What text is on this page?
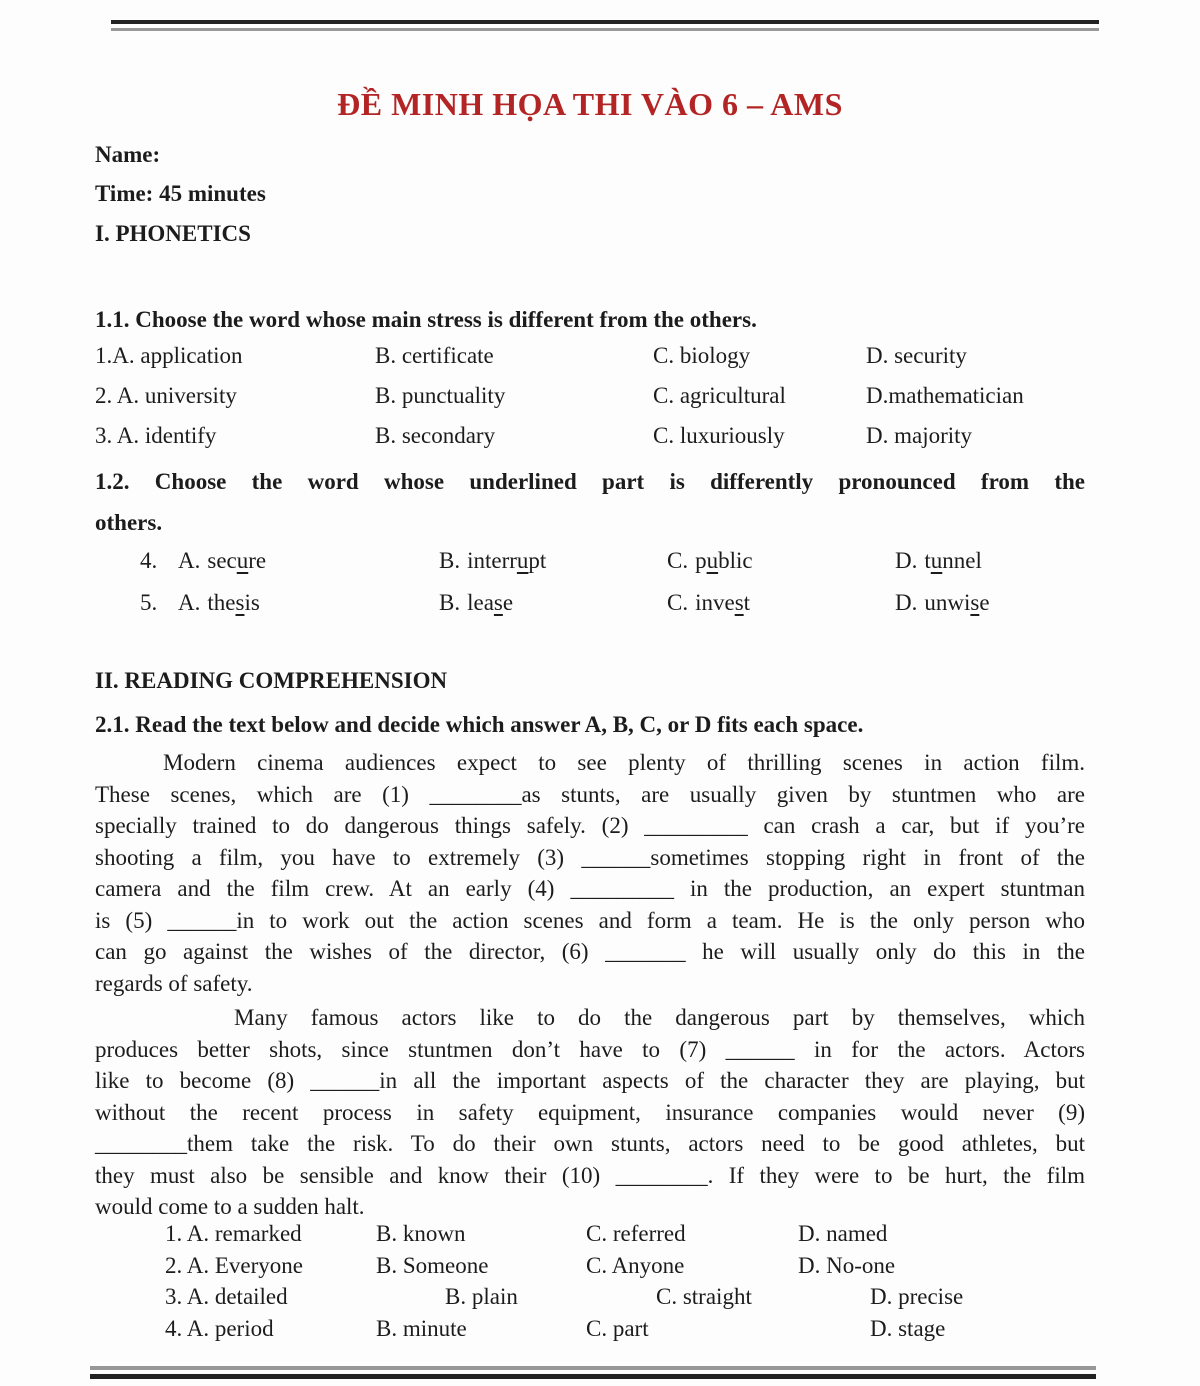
ĐỀ MINH HỌA THI VÀO 6 – AMS
Name:
Time: 45 minutes
I. PHONETICS
1.1. Choose the word whose main stress is different from the others.
1.A. application	B. certificate	C. biology	D. security
2. A. university	B. punctuality	C. agricultural	D.mathematician
3. A. identify	B. secondary	C. luxuriously	D. majority
1.2. Choose the word whose underlined part is differently pronounced from the
others.
4. A. secure	B. interrupt	C. public	D. tunnel
5. A. thesis	B. lease	C. invest	D. unwise
II. READING COMPREHENSION
2.1. Read the text below and decide which answer A, B, C, or D fits each space.
Modern cinema audiences expect to see plenty of thrilling scenes in action film.
These scenes, which are (1) ________as stunts, are usually given by stuntmen who are
specially trained to do dangerous things safely. (2) _________ can crash a car, but if you’re
shooting a film, you have to extremely (3) ______sometimes stopping right in front of the
camera and the film crew. At an early (4) _________ in the production, an expert stuntman
is (5) ______in to work out the action scenes and form a team. He is the only person who
can go against the wishes of the director, (6) _______ he will usually only do this in the
regards of safety.
Many famous actors like to do the dangerous part by themselves, which
produces better shots, since stuntmen don’t have to (7) ______ in for the actors. Actors
like to become (8) ______in all the important aspects of the character they are playing, but
without the recent process in safety equipment, insurance companies would never (9)
________them take the risk. To do their own stunts, actors need to be good athletes, but
they must also be sensible and know their (10) ________. If they were to be hurt, the film
would come to a sudden halt.
1. A. remarked	B. known	C. referred	D. named
2. A. Everyone	B. Someone	C. Anyone	D. No-one
3. A. detailed	B. plain	C. straight	D. precise
4. A. period	B. minute	C. part	D. stage
